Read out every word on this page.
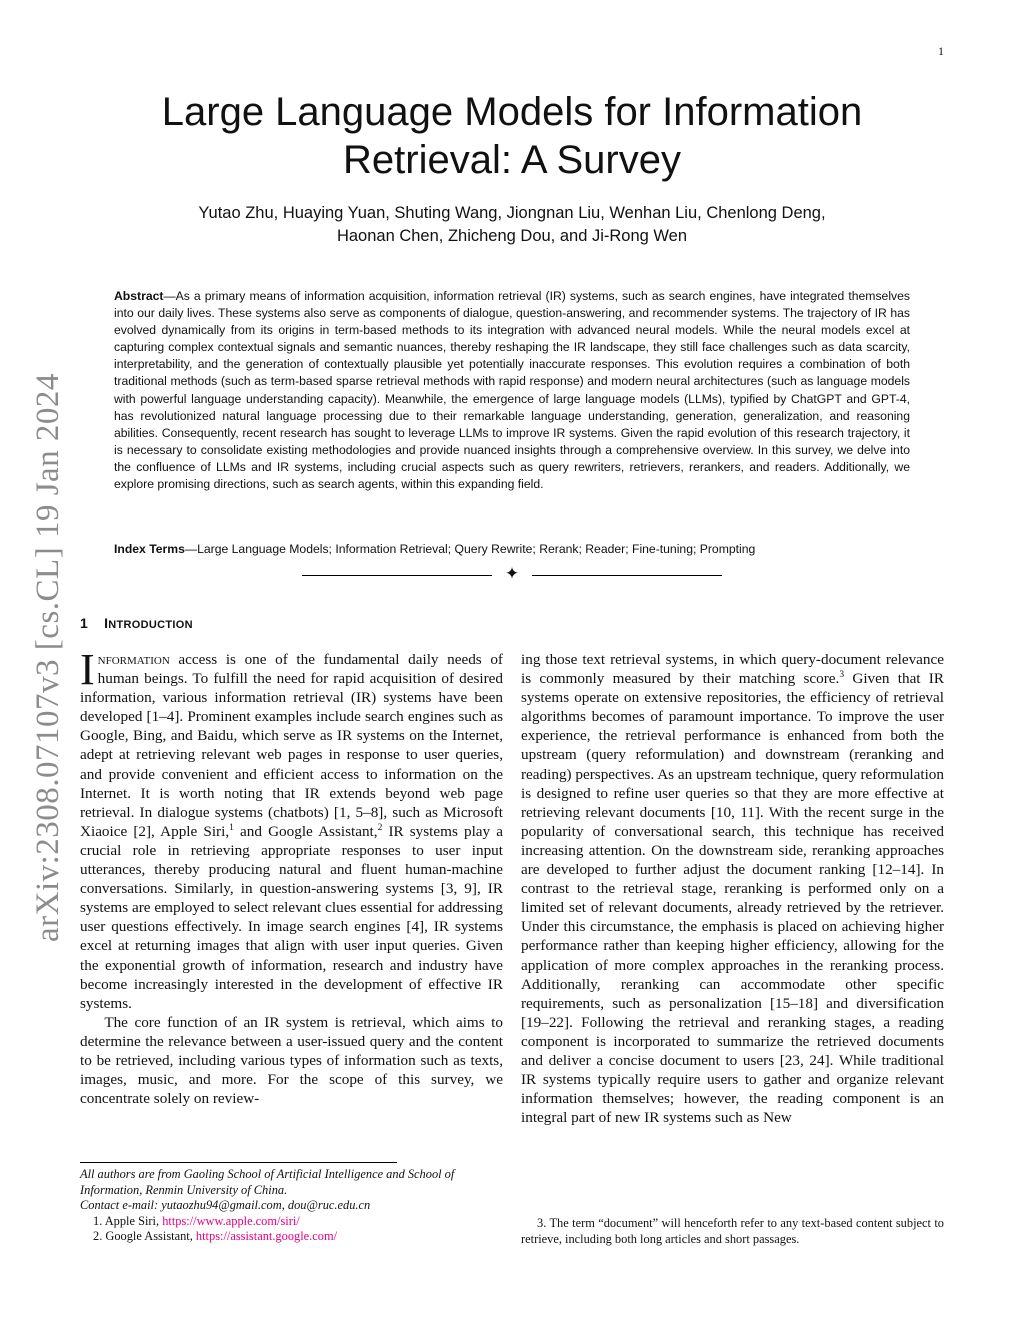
1
arXiv:2308.07107v3 [cs.CL] 19 Jan 2024
Large Language Models for Information
Retrieval: A Survey
Yutao Zhu, Huaying Yuan, Shuting Wang, Jiongnan Liu, Wenhan Liu, Chenlong Deng,
Haonan Chen, Zhicheng Dou, and Ji-Rong Wen

Abstract—As a primary means of information acquisition, information retrieval (IR) systems, such as search engines, have integrated themselves into our daily lives. These systems also serve as components of dialogue, question-answering, and recommender systems. The trajectory of IR has evolved dynamically from its origins in term-based methods to its integration with advanced neural models. While the neural models excel at capturing complex contextual signals and semantic nuances, thereby reshaping the IR landscape, they still face challenges such as data scarcity, interpretability, and the generation of contextually plausible yet potentially inaccurate responses. This evolution requires a combination of both traditional methods (such as term-based sparse retrieval methods with rapid response) and modern neural architectures (such as language models with powerful language understanding capacity). Meanwhile, the emergence of large language models (LLMs), typified by ChatGPT and GPT-4, has revolutionized natural language processing due to their remarkable language understanding, generation, generalization, and reasoning abilities. Consequently, recent research has sought to leverage LLMs to improve IR systems. Given the rapid evolution of this research trajectory, it is necessary to consolidate existing methodologies and provide nuanced insights through a comprehensive overview. In this survey, we delve into the confluence of LLMs and IR systems, including crucial aspects such as query rewriters, retrievers, rerankers, and readers. Additionally, we explore promising directions, such as search agents, within this expanding field.

Index Terms—Large Language Models; Information Retrieval; Query Rewrite; Rerank; Reader; Fine-tuning; Prompting

✦
1 INTRODUCTION

Information access is one of the fundamental daily needs of human beings. To fulfill the need for rapid acquisition of desired information, various information retrieval (IR) systems have been developed [1–4]. Prominent examples include search engines such as Google, Bing, and Baidu, which serve as IR systems on the Internet, adept at retrieving relevant web pages in response to user queries, and provide convenient and efficient access to information on the Internet. It is worth noting that IR extends beyond web page retrieval. In dialogue systems (chatbots) [1, 5–8], such as Microsoft Xiaoice [2], Apple Siri,$^1$ and Google Assistant,$^2$ IR systems play a crucial role in retrieving appropriate responses to user input utterances, thereby producing natural and fluent human-machine conversations. Similarly, in question-answering systems [3, 9], IR systems are employed to select relevant clues essential for addressing user questions effectively. In image search engines [4], IR systems excel at returning images that align with user input queries. Given the exponential growth of information, research and industry have become increasingly interested in the development of effective IR systems.

The core function of an IR system is retrieval, which aims to determine the relevance between a user-issued query and the content to be retrieved, including various types of information such as texts, images, music, and more. For the scope of this survey, we concentrate solely on review-

ing those text retrieval systems, in which query-document relevance is commonly measured by their matching score.$^3$ Given that IR systems operate on extensive repositories, the efficiency of retrieval algorithms becomes of paramount importance. To improve the user experience, the retrieval performance is enhanced from both the upstream (query reformulation) and downstream (reranking and reading) perspectives. As an upstream technique, query reformulation is designed to refine user queries so that they are more effective at retrieving relevant documents [10, 11]. With the recent surge in the popularity of conversational search, this technique has received increasing attention. On the downstream side, reranking approaches are developed to further adjust the document ranking [12–14]. In contrast to the retrieval stage, reranking is performed only on a limited set of relevant documents, already retrieved by the retriever. Under this circumstance, the emphasis is placed on achieving higher performance rather than keeping higher efficiency, allowing for the application of more complex approaches in the reranking process. Additionally, reranking can accommodate other specific requirements, such as personalization [15–18] and diversification [19–22]. Following the retrieval and reranking stages, a reading component is incorporated to summarize the retrieved documents and deliver a concise document to users [23, 24]. While traditional IR systems typically require users to gather and organize relevant information themselves; however, the reading component is an integral part of new IR systems such as New

All authors are from Gaoling School of Artificial Intelligence and School of Information, Renmin University of China.
Contact e-mail: yutaozhu94@gmail.com, dou@ruc.edu.cn
1. Apple Siri, https://www.apple.com/siri/
2. Google Assistant, https://assistant.google.com/
3. The term “document” will henceforth refer to any text-based content subject to retrieve, including both long articles and short passages.
